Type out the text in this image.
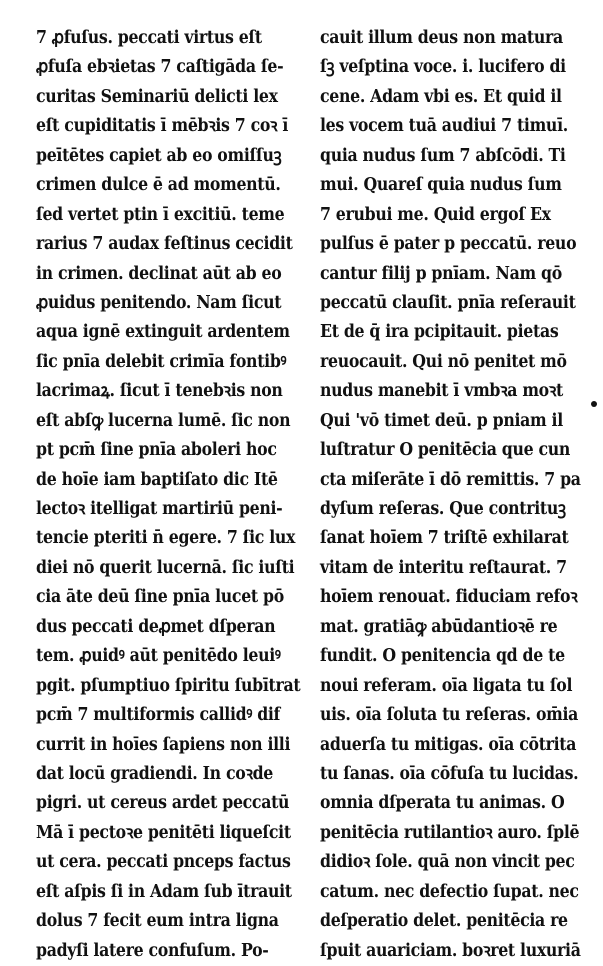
7 ꝓfuſus. peccati virtus eſt
ꝓfuſa ebꝛietas 7 caſtigāda ſe-
curitas Seminariū delicti lex
eſt cupiditatis ī mēbꝛis 7 coꝛ ī
peītētes capiet ab eo omiſſuꝫ
crimen dulce ē ad momentū.
ſed vertet ptin ī excitiū. teme
rarius 7 audax feſtinus cecidit
in crimen. declinat aūt ab eo
ꝓuidus penitendo. Nam ſicut
aqua ignē extinguit ardentem
ſic pnīa delebit crimīa fontibꝰ
lacrimaꝝ. ſicut ī tenebꝛis non
eſt abſꝙ lucerna lumē. ſic non
pt pcm̄ ſine pnīa aboleri hoc
de hoīe iam baptiſato dic Itē
lectoꝛ itelligat martiriū peni-
tencie pteriti n̄ egere. 7 ſic lux
diei nō querit lucernā. ſic iuſti
cia āte deū ſine pnīa lucet pō
dus peccati deꝓmet dſperan
tem. ꝓuidꝰ aūt penitēdo leuiꝰ
pgit. pſumptiuo ſpiritu ſubītrat
pcm̄ 7 multiformis callidꝰ dif
currit in hoīes ſapiens non illi
dat locū gradiendi. In coꝛde
pigri. ut cereus ardet peccatū
Mā ī pectoꝛe penitēti liqueſcit
ut cera. peccati pnceps factus
eſt aſpis ſi in Adam ſub ītrauit
dolus 7 fecit eum intra ligna
padyſi latere confuſum. Po-
cauit illum deus non matura
ſꝫ veſptina voce. i. lucifero di
cene. Adam vbi es. Et quid il
les vocem tuā audiui 7 timuī.
quia nudus ſum 7 abſcōdi. Ti
mui. Quareſ quia nudus ſum
7 erubui me. Quid ergoſ Ex
pulſus ē pater p peccatū. reuo
cantur filij p pnīam. Nam qō
peccatū clauſit. pnīa reſerauit
Et de q̄ ira pcipitauit. pietas
reuocauit. Qui nō penitet mō
nudus manebit ī vmbꝛa moꝛt
Qui 'vō timet deū. p pniam il
luſtratur O penitēcia que cun
cta miſerāte ī dō remittis. 7 pa
dyſum reſeras. Que contrituꝫ
ſanat hoīem 7 triſtē exhilarat
vitam de interitu reſtaurat. 7
hoīem renouat. fiduciam refoꝛ
mat. gratiāꝙ abūdantioꝛē re
fundit. O penitencia qd de te
noui referam. oīa ligata tu ſol
uis. oīa ſoluta tu reſeras. om̄ia
aduerſa tu mitigas. oīa cōtrita
tu ſanas. oīa cōfuſa tu lucidas.
omnia dſperata tu animas. O
penitēcia rutilantioꝛ auro. ſplē
didioꝛ ſole. quā non vincit pec
catum. nec defectio ſupat. nec
deſperatio delet. penitēcia re
ſpuit auariciam. boꝛret luxuriā
